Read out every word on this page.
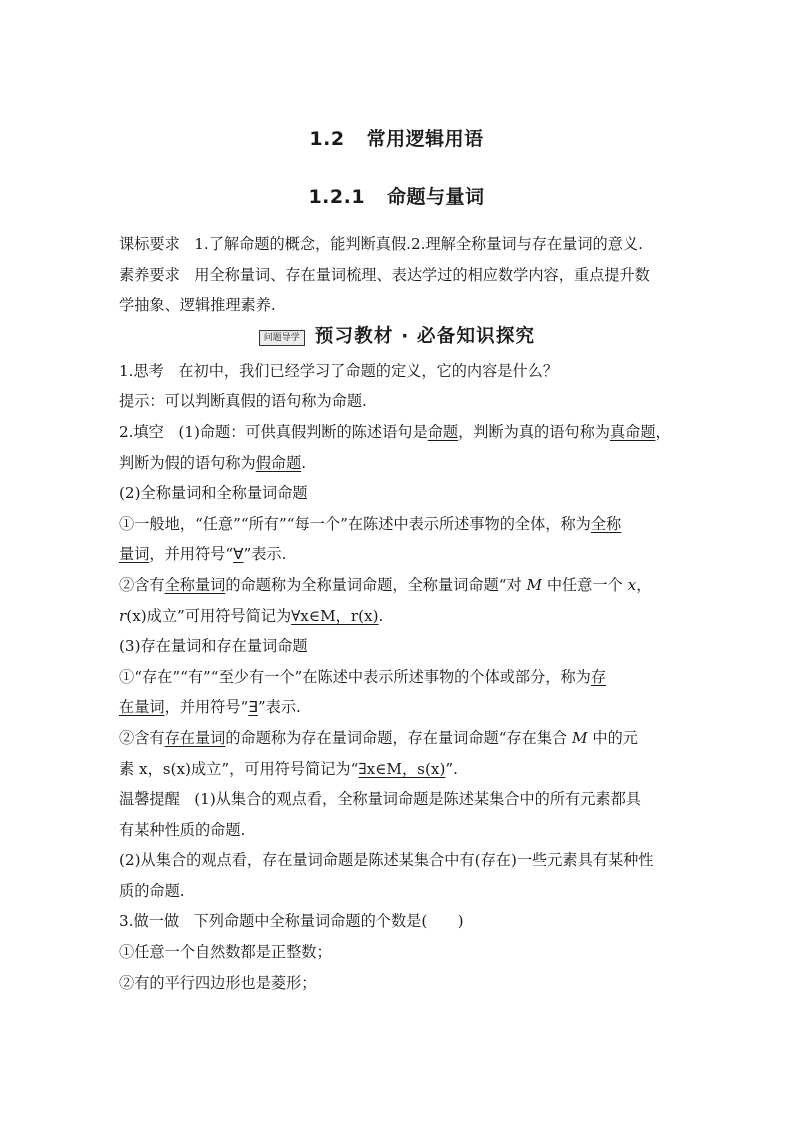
1.2 常用逻辑用语
1.2.1 命题与量词

课标要求 1.了解命题的概念，能判断真假.2.理解全称量词与存在量词的意义.

素养要求 用全称量词、存在量词梳理、表达学过的相应数学内容，重点提升数

学抽象、逻辑推理素养.

问题导学 预习教材 · 必备知识探究

1.思考 在初中，我们已经学习了命题的定义，它的内容是什么？

提示：可以判断真假的语句称为命题.

2.填空 (1)命题：可供真假判断的陈述语句是命题，判断为真的语句称为真命题，

判断为假的语句称为假命题.

(2)全称量词和全称量词命题

①一般地，“任意”“所有”“每一个”在陈述中表示所述事物的全体，称为全称

量词，并用符号“∀”表示.

②含有全称量词的命题称为全称量词命题，全称量词命题“对 M 中任意一个 x，

r(x)成立”可用符号简记为∀x∈M，r(x).

(3)存在量词和存在量词命题

①“存在”“有”“至少有一个”在陈述中表示所述事物的个体或部分，称为存

在量词，并用符号“∃”表示.

②含有存在量词的命题称为存在量词命题，存在量词命题“存在集合 M 中的元

素 x，s(x)成立”，可用符号简记为“∃x∈M，s(x)”.

温馨提醒 (1)从集合的观点看，全称量词命题是陈述某集合中的所有元素都具

有某种性质的命题.

(2)从集合的观点看，存在量词命题是陈述某集合中有(存在)一些元素具有某种性

质的命题.

3.做一做 下列命题中全称量词命题的个数是(　　)

①任意一个自然数都是正整数；

②有的平行四边形也是菱形；
